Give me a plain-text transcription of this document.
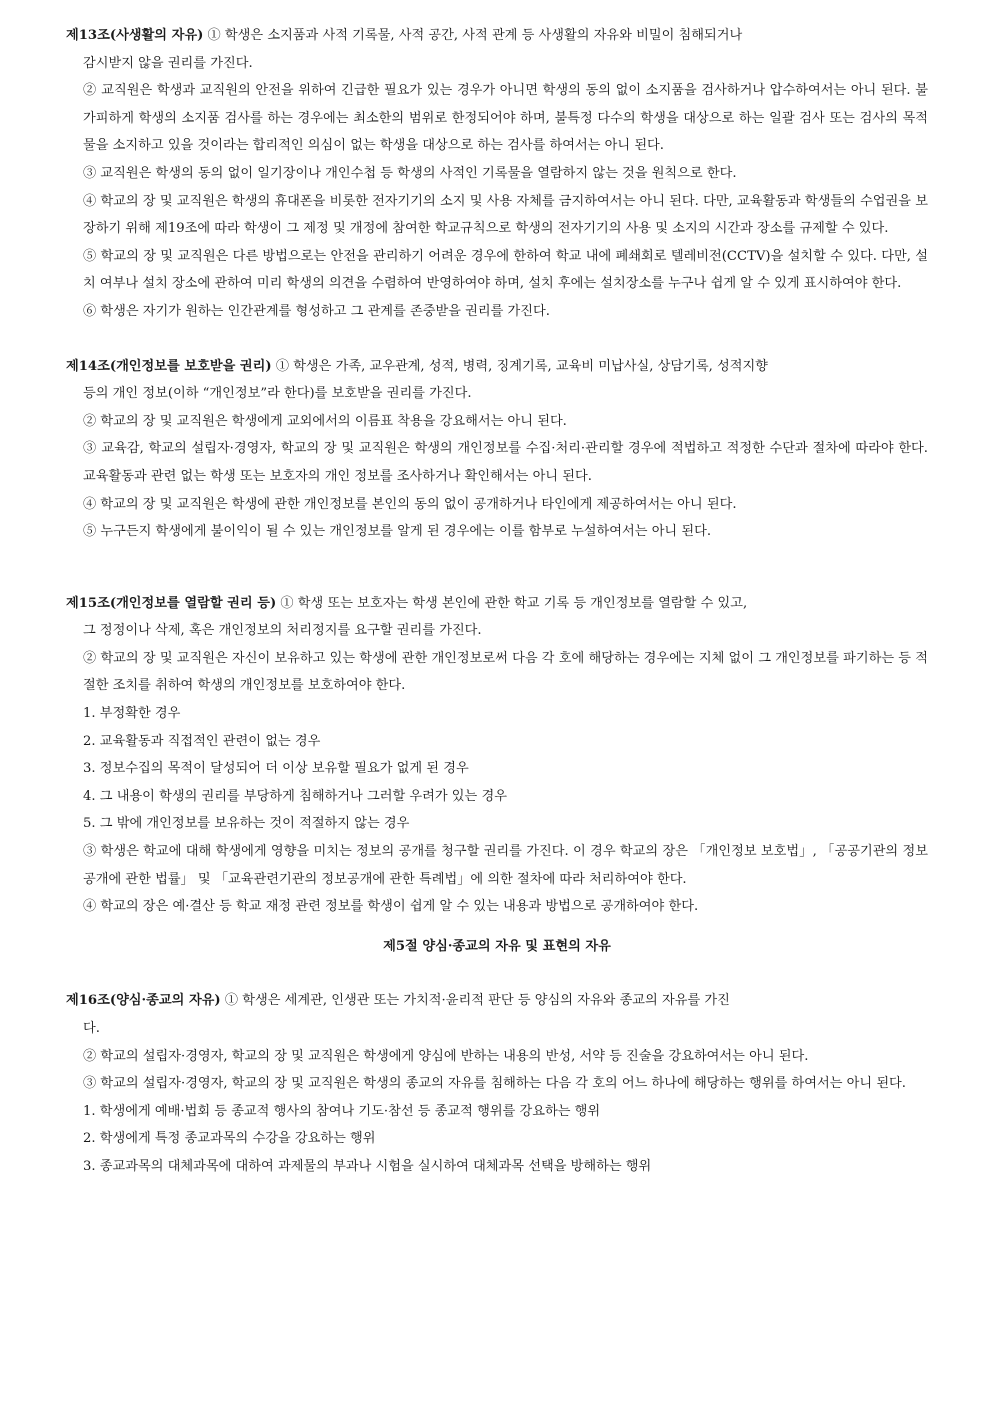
제13조(사생활의 자유) ① 학생은 소지품과 사적 기록물, 사적 공간, 사적 관계 등 사생활의 자유와 비밀이 침해되거나
감시받지 않을 권리를 가진다.

② 교직원은 학생과 교직원의 안전을 위하여 긴급한 필요가 있는 경우가 아니면 학생의 동의 없이 소지품을 검사하거나 압수하여서는 아니 된다. 불가피하게 학생의 소지품 검사를 하는 경우에는 최소한의 범위로 한정되어야 하며, 불특정 다수의 학생을 대상으로 하는 일괄 검사 또는 검사의 목적물을 소지하고 있을 것이라는 합리적인 의심이 없는 학생을 대상으로 하는 검사를 하여서는 아니 된다.

③ 교직원은 학생의 동의 없이 일기장이나 개인수첩 등 학생의 사적인 기록물을 열람하지 않는 것을 원칙으로 한다.

④ 학교의 장 및 교직원은 학생의 휴대폰을 비롯한 전자기기의 소지 및 사용 자체를 금지하여서는 아니 된다. 다만, 교육활동과 학생들의 수업권을 보장하기 위해 제19조에 따라 학생이 그 제정 및 개정에 참여한 학교규칙으로 학생의 전자기기의 사용 및 소지의 시간과 장소를 규제할 수 있다.

⑤ 학교의 장 및 교직원은 다른 방법으로는 안전을 관리하기 어려운 경우에 한하여 학교 내에 폐쇄회로 텔레비전(CCTV)을 설치할 수 있다. 다만, 설치 여부나 설치 장소에 관하여 미리 학생의 의견을 수렴하여 반영하여야 하며, 설치 후에는 설치장소를 누구나 쉽게 알 수 있게 표시하여야 한다.

⑥ 학생은 자기가 원하는 인간관계를 형성하고 그 관계를 존중받을 권리를 가진다.

제14조(개인정보를 보호받을 권리) ① 학생은 가족, 교우관계, 성적, 병력, 징계기록, 교육비 미납사실, 상담기록, 성적지향
등의 개인 정보(이하 “개인정보”라 한다)를 보호받을 권리를 가진다.

② 학교의 장 및 교직원은 학생에게 교외에서의 이름표 착용을 강요해서는 아니 된다.

③ 교육감, 학교의 설립자·경영자, 학교의 장 및 교직원은 학생의 개인정보를 수집·처리·관리할 경우에 적법하고 적정한 수단과 절차에 따라야 한다. 교육활동과 관련 없는 학생 또는 보호자의 개인 정보를 조사하거나 확인해서는 아니 된다.

④ 학교의 장 및 교직원은 학생에 관한 개인정보를 본인의 동의 없이 공개하거나 타인에게 제공하여서는 아니 된다.

⑤ 누구든지 학생에게 불이익이 될 수 있는 개인정보를 알게 된 경우에는 이를 함부로 누설하여서는 아니 된다.

제15조(개인정보를 열람할 권리 등) ① 학생 또는 보호자는 학생 본인에 관한 학교 기록 등 개인정보를 열람할 수 있고,
그 정정이나 삭제, 혹은 개인정보의 처리정지를 요구할 권리를 가진다.

② 학교의 장 및 교직원은 자신이 보유하고 있는 학생에 관한 개인정보로써 다음 각 호에 해당하는 경우에는 지체 없이 그 개인정보를 파기하는 등 적절한 조치를 취하여 학생의 개인정보를 보호하여야 한다.

1. 부정확한 경우

2. 교육활동과 직접적인 관련이 없는 경우

3. 정보수집의 목적이 달성되어 더 이상 보유할 필요가 없게 된 경우

4. 그 내용이 학생의 권리를 부당하게 침해하거나 그러할 우려가 있는 경우

5. 그 밖에 개인정보를 보유하는 것이 적절하지 않는 경우

③ 학생은 학교에 대해 학생에게 영향을 미치는 정보의 공개를 청구할 권리를 가진다. 이 경우 학교의 장은 「개인정보 보호법」, 「공공기관의 정보공개에 관한 법률」 및 「교육관련기관의 정보공개에 관한 특례법」에 의한 절차에 따라 처리하여야 한다.

④ 학교의 장은 예·결산 등 학교 재정 관련 정보를 학생이 쉽게 알 수 있는 내용과 방법으로 공개하여야 한다.

제5절 양심·종교의 자유 및 표현의 자유

제16조(양심·종교의 자유) ① 학생은 세계관, 인생관 또는 가치적·윤리적 판단 등 양심의 자유와 종교의 자유를 가진
다.

② 학교의 설립자·경영자, 학교의 장 및 교직원은 학생에게 양심에 반하는 내용의 반성, 서약 등 진술을 강요하여서는 아니 된다.

③ 학교의 설립자·경영자, 학교의 장 및 교직원은 학생의 종교의 자유를 침해하는 다음 각 호의 어느 하나에 해당하는 행위를 하여서는 아니 된다.

1. 학생에게 예배·법회 등 종교적 행사의 참여나 기도·참선 등 종교적 행위를 강요하는 행위

2. 학생에게 특정 종교과목의 수강을 강요하는 행위

3. 종교과목의 대체과목에 대하여 과제물의 부과나 시험을 실시하여 대체과목 선택을 방해하는 행위
